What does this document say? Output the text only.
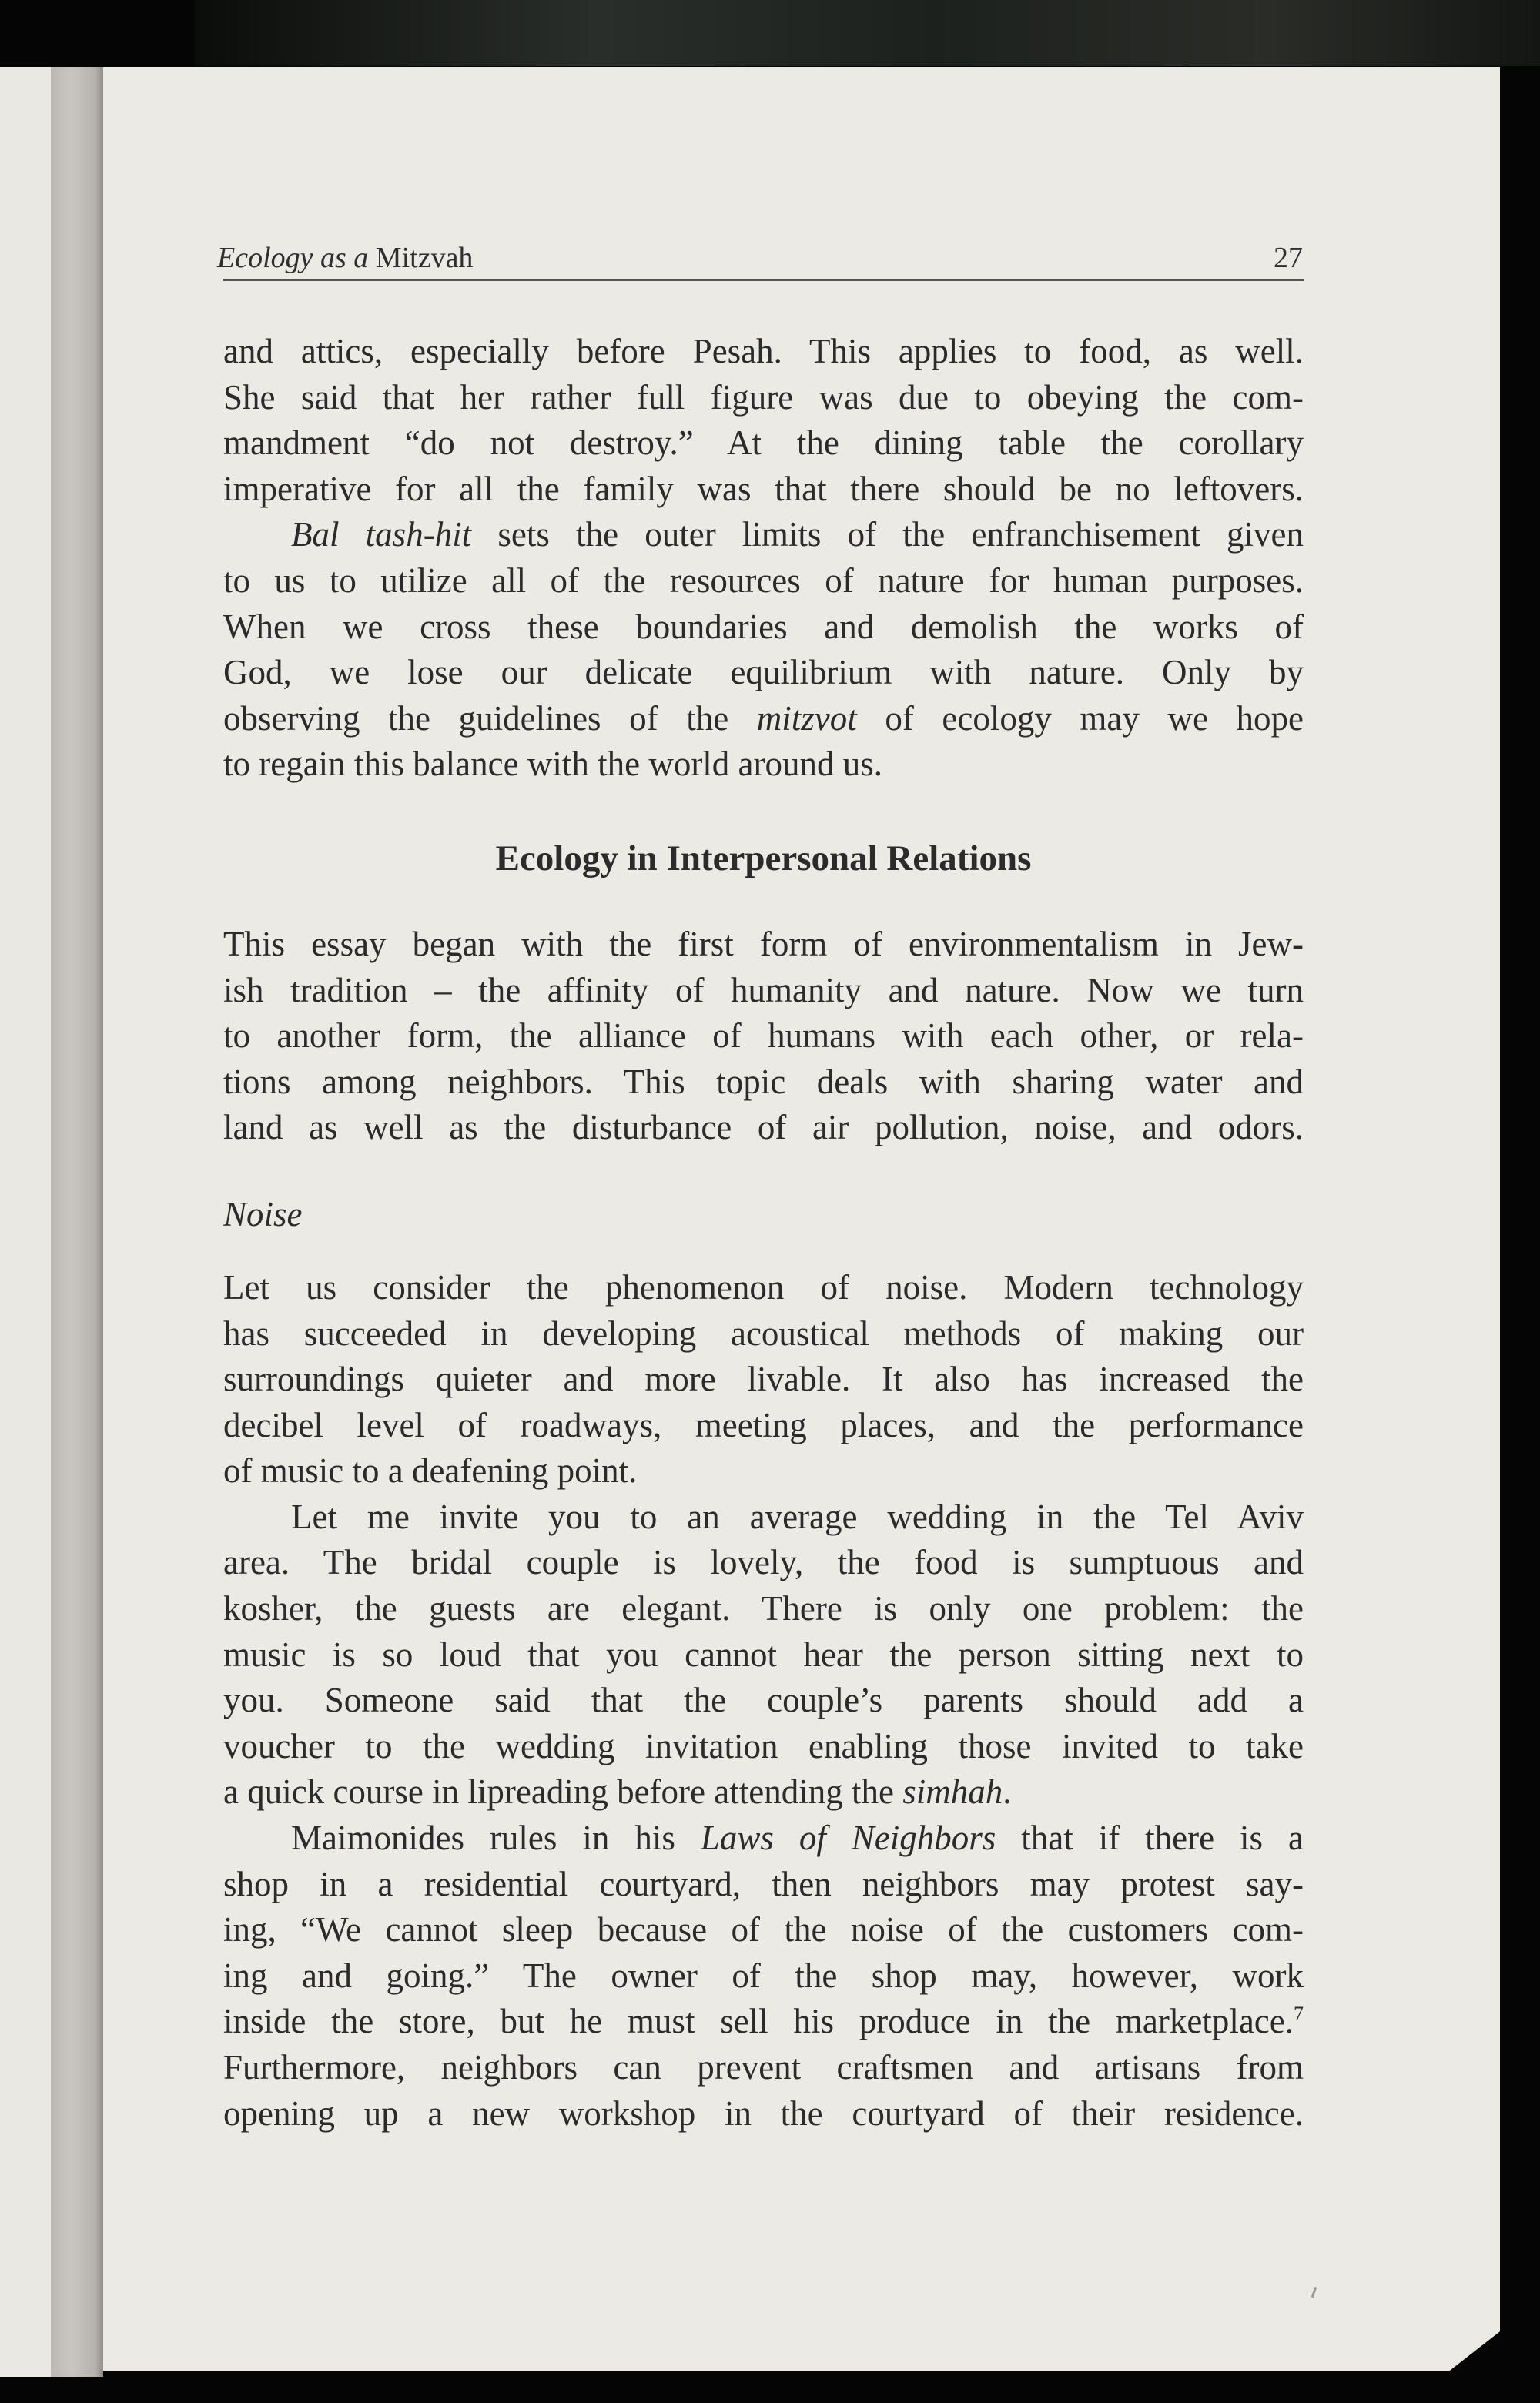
Ecology as a Mitzvah	27
and attics, especially before Pesah. This applies to food, as well.
She said that her rather full figure was due to obeying the com-
mandment “do not destroy.” At the dining table the corollary
imperative for all the family was that there should be no leftovers.
Bal tash-hit sets the outer limits of the enfranchisement given
to us to utilize all of the resources of nature for human purposes.
When we cross these boundaries and demolish the works of
God, we lose our delicate equilibrium with nature. Only by
observing the guidelines of the mitzvot of ecology may we hope
to regain this balance with the world around us.
Ecology in Interpersonal Relations
This essay began with the first form of environmentalism in Jew-
ish tradition – the affinity of humanity and nature. Now we turn
to another form, the alliance of humans with each other, or rela-
tions among neighbors. This topic deals with sharing water and
land as well as the disturbance of air pollution, noise, and odors.
Noise
Let us consider the phenomenon of noise. Modern technology
has succeeded in developing acoustical methods of making our
surroundings quieter and more livable. It also has increased the
decibel level of roadways, meeting places, and the performance
of music to a deafening point.
Let me invite you to an average wedding in the Tel Aviv
area. The bridal couple is lovely, the food is sumptuous and
kosher, the guests are elegant. There is only one problem: the
music is so loud that you cannot hear the person sitting next to
you. Someone said that the couple’s parents should add a
voucher to the wedding invitation enabling those invited to take
a quick course in lipreading before attending the simhah.
Maimonides rules in his Laws of Neighbors that if there is a
shop in a residential courtyard, then neighbors may protest say-
ing, “We cannot sleep because of the noise of the customers com-
ing and going.” The owner of the shop may, however, work
inside the store, but he must sell his produce in the marketplace.$^7$
Furthermore, neighbors can prevent craftsmen and artisans from
opening up a new workshop in the courtyard of their residence.
